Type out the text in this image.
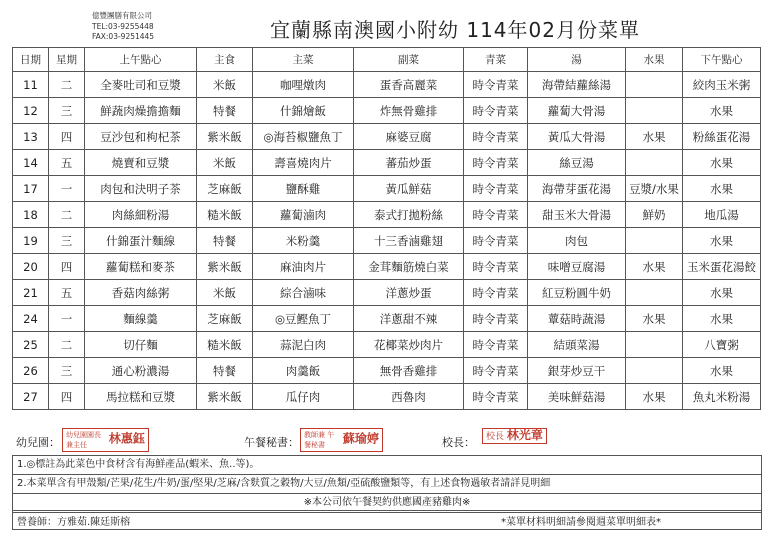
億豐團膳有限公司
TEL:03-9255448
FAX:03-9251445	宜蘭縣南澳國小附幼 114年02月份菜單
日期	星期	上午點心	主食	主菜	副菜	青菜	湯	水果	下午點心
11	二	全麥吐司和豆漿	米飯	咖哩燉肉	蛋香高麗菜	時令青菜	海帶結蘿絲湯		絞肉玉米粥
12	三	鮮蔬肉燥擔擔麵	特餐	什錦燴飯	炸無骨雞排	時令青菜	蘿蔔大骨湯		水果
13	四	豆沙包和枸杞茶	紫米飯	◎海苔椒鹽魚丁	麻婆豆腐	時令青菜	黃瓜大骨湯	水果	粉絲蛋花湯
14	五	燒賣和豆漿	米飯	壽喜燒肉片	蕃茄炒蛋	時令青菜	絲豆湯		水果
17	一	肉包和決明子茶	芝麻飯	鹽酥雞	黃瓜鮮菇	時令青菜	海帶芽蛋花湯	豆漿/水果	水果
18	二	肉絲細粉湯	糙米飯	蘿蔔滷肉	泰式打拋粉絲	時令青菜	甜玉米大骨湯	鮮奶	地瓜湯
19	三	什錦蛋汁麵線	特餐	米粉羹	十三香滷雞翅	時令青菜	肉包		水果
20	四	蘿蔔糕和麥茶	紫米飯	麻油肉片	金茸麵筋燒白菜	時令青菜	味噌豆腐湯	水果	玉米蛋花湯餃
21	五	香菇肉絲粥	米飯	綜合滷味	洋蔥炒蛋	時令青菜	紅豆粉圓牛奶		水果
24	一	麵線羹	芝麻飯	◎豆鰹魚丁	洋蔥甜不辣	時令青菜	蕈菇時蔬湯	水果	水果
25	二	切仔麵	糙米飯	蒜泥白肉	花椰菜炒肉片	時令青菜	結頭菜湯		八寶粥
26	三	通心粉濃湯	特餐	肉羹飯	無骨香雞排	時令青菜	銀芽炒豆干		水果
27	四	馬拉糕和豆漿	紫米飯	瓜仔肉	西魯肉	時令青菜	美味鮮菇湯	水果	魚丸米粉湯
幼兒園：
幼兒園園長 兼主任 林惠鈺	午餐秘書：
教師兼 午餐秘書 蘇瑜婷	校長：	校長 林光章
1.◎標註為此菜色中食材含有海鮮產品(蝦米、魚..等)。
2.本菜單含有甲殼類/芒果/花生/牛奶/蛋/堅果/芝麻/含麩質之穀物/大豆/魚類/亞硫酸鹽類等，有上述食物過敏者請詳見明細
※本公司依午餐契約供應國產豬雞肉※
營養師：方雅茹.陳廷斯榕	*菜單材料明細請參閱週菜單明細表*
